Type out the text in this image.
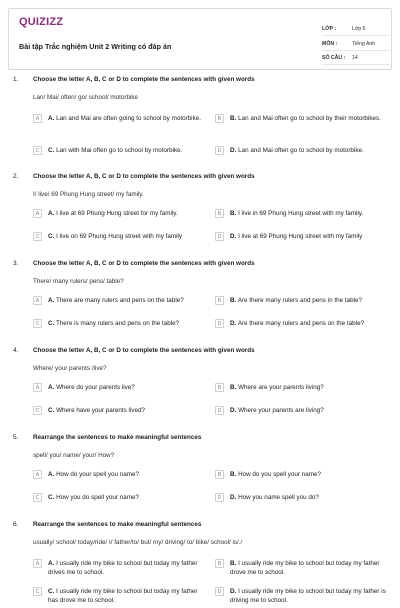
QUIZIZZ
Bài tập Trắc nghiệm Unit 2 Writing có đáp án
LỚP :	Lớp 6
MÔN :	Tiếng Anh
SỐ CÂU :	14
1. Choose the letter A, B, C or D to complete the sentences with given words
Lan/ Mai/ often/ go/ school/ motorbike
A	A. Lan and Mai are often going to school by motorbike.	B	B. Lan and Mai often go to school by their motorbikes.
C	C. Lan with Mai often go to school by motorbike.	D	D. Lan and Mai often go to school by motorbike.
2. Choose the letter A, B, C or D to complete the sentences with given words
I/ live/ 69 Phung Hung street/ my family.
A	A. I live at 69 Phung Hung street for my family.	B	B. I live in 69 Phung Hung street with my family.
C	C. I live on 69 Phung Hung street with my family	D	D. I live at 69 Phung Hung street with my family
3. Choose the letter A, B, C or D to complete the sentences with given words
There/ many rulers/ pens/ table?
A	A. There are many rulers and pens on the table?	B	B. Are there many rulers and pens in the table?
C	C. There is many rulers and pens on the table?	D	D. Are there many rulers and pens on the table?
4. Choose the letter A, B, C or D to complete the sentences with given words
Where/ your parents /live?
A	A. Where do your parents live?	B	B. Where are your parents living?
C	C. Where have your parents lived?	D	D. Where your parents are living?
5. Rearrange the sentences to make meaningful sentences
spell/ you/ name/ your/ How?
A	A. How do your spell you name?	B	B. How do you spell your name?
C	C. How you do spell your name?	D	D. How you name spell you do?
6. Rearrange the sentences to make meaningful sentences
usually/ school/ today/ride/ I/ father/to/ but/ my/ driving/ to/ bike/ school/ is/./
A	A. I usually ride my bike to school but today my father drives me to school.
B	B. I usually ride my bike to school but today my father drove me to school.
C	C. I usually ride my bike to school but today my father has drove me to school.
D	D. I usually ride my bike to school but today my father is driving me to school.
